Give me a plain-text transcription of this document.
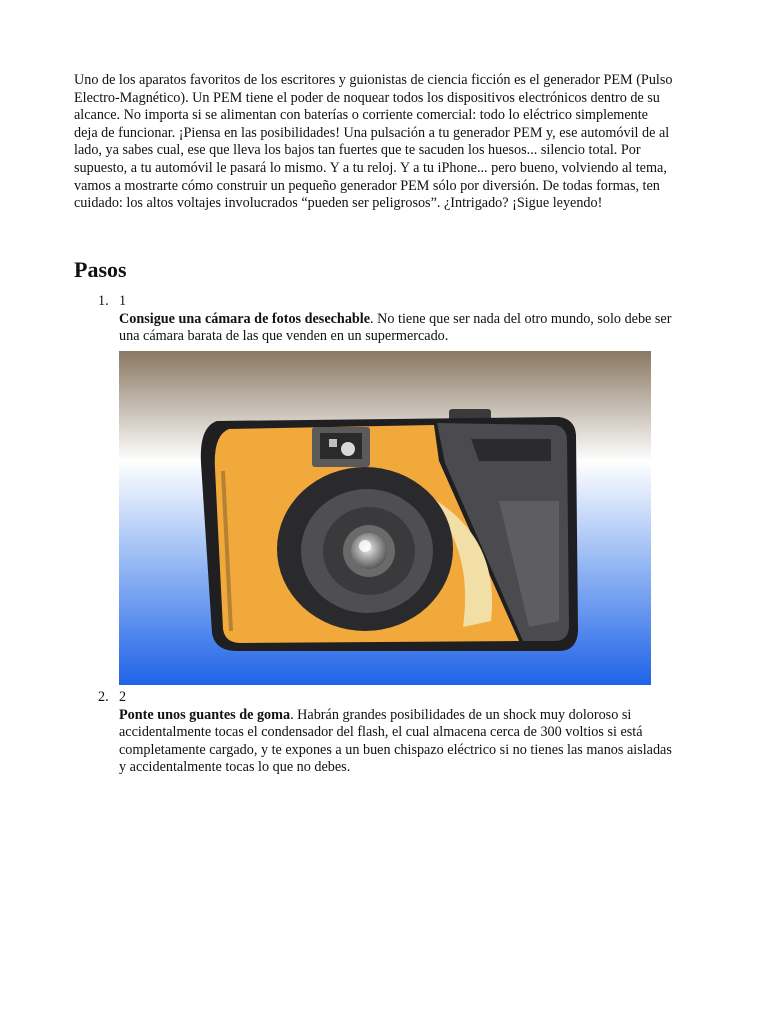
Uno de los aparatos favoritos de los escritores y guionistas de ciencia ficción es el generador PEM (Pulso Electro-Magnético). Un PEM tiene el poder de noquear todos los dispositivos electrónicos dentro de su alcance. No importa si se alimentan con baterías o corriente comercial: todo lo eléctrico simplemente deja de funcionar. ¡Piensa en las posibilidades! Una pulsación a tu generador PEM y, ese automóvil de al lado, ya sabes cual, ese que lleva los bajos tan fuertes que te sacuden los huesos... silencio total. Por supuesto, a tu automóvil le pasará lo mismo. Y a tu reloj. Y a tu iPhone... pero bueno, volviendo al tema, vamos a mostrarte cómo construir un pequeño generador PEM sólo por diversión. De todas formas, ten cuidado: los altos voltajes involucrados “pueden ser peligrosos”. ¿Intrigado? ¡Sigue leyendo!

Pasos
1. 1
Consigue una cámara de fotos desechable. No tiene que ser nada del otro mundo, solo debe ser una cámara barata de las que venden en un supermercado.
2. 2
Ponte unos guantes de goma. Habrán grandes posibilidades de un shock muy doloroso si accidentalmente tocas el condensador del flash, el cual almacena cerca de 300 voltios si está completamente cargado, y te expones a un buen chispazo eléctrico si no tienes las manos aisladas y accidentalmente tocas lo que no debes.
